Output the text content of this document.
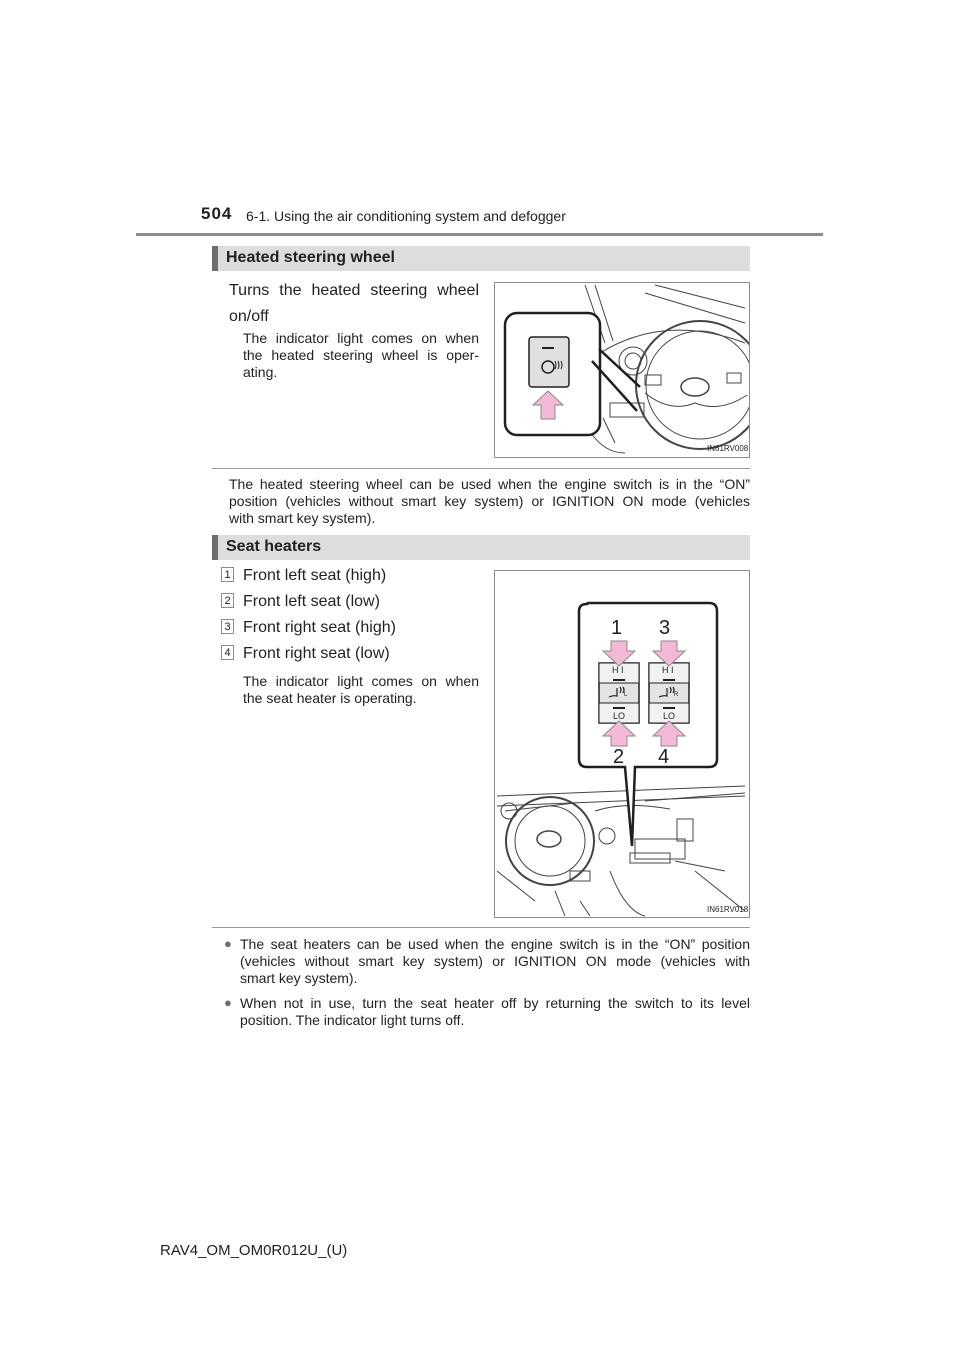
504 6-1. Using the air conditioning system and defogger
Heated steering wheel
Turns the heated steering wheel
on/off
The indicator light comes on when
the heated steering wheel is oper-
ating.
IN61RV008
The heated steering wheel can be used when the engine switch is in the “ON”
position (vehicles without smart key system) or IGNITION ON mode (vehicles
with smart key system).
Seat heaters
1 Front left seat (high)
2 Front left seat (low)
3 Front right seat (high)
4 Front right seat (low)
The indicator light comes on when
the seat heater is operating.
1 3
2 4
H I	H I
LO	LO
L	R
IN61RV018
● The seat heaters can be used when the engine switch is in the “ON” position
(vehicles without smart key system) or IGNITION ON mode (vehicles with
smart key system).
● When not in use, turn the seat heater off by returning the switch to its level
position. The indicator light turns off.
RAV4_OM_OM0R012U_(U)
